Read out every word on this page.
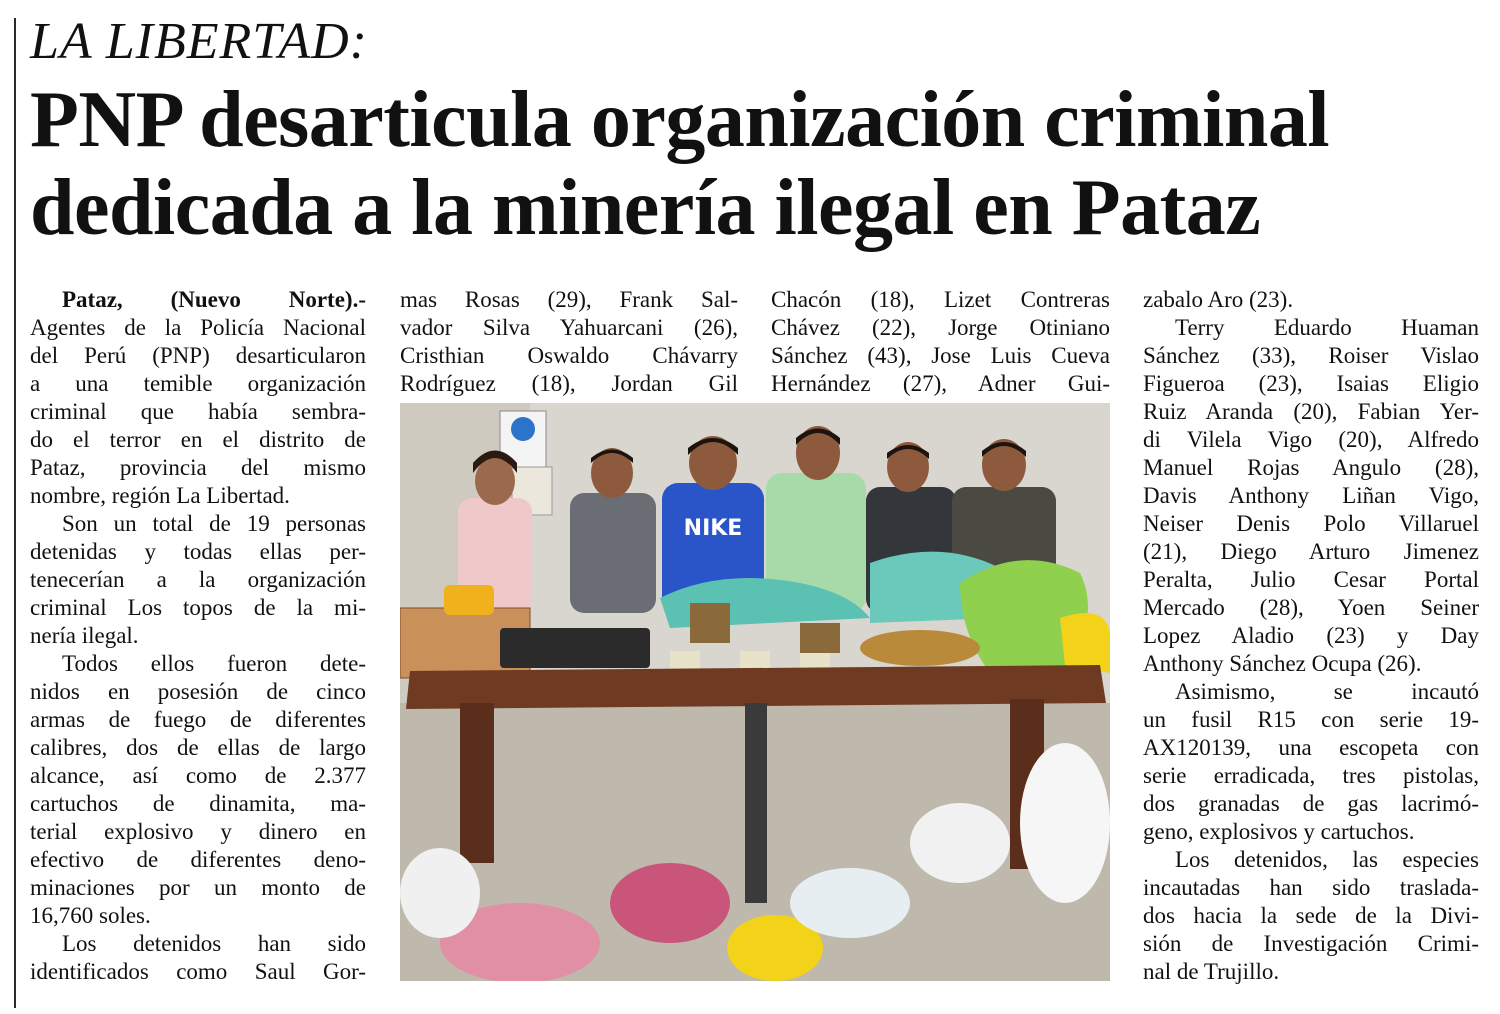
LA LIBERTAD:
PNP desarticula organización criminal
dedicada a la minería ilegal en Pataz
Pataz, (Nuevo Norte).-
Agentes de la Policía Nacional
del Perú (PNP) desarticularon
a una temible organización
criminal que había sembra-
do el terror en el distrito de
Pataz, provincia del mismo
nombre, región La Libertad.
Son un total de 19 personas
detenidas y todas ellas per-
tenecerían a la organización
criminal Los topos de la mi-
nería ilegal.
Todos ellos fueron dete-
nidos en posesión de cinco
armas de fuego de diferentes
calibres, dos de ellas de largo
alcance, así como de 2.377
cartuchos de dinamita, ma-
terial explosivo y dinero en
efectivo de diferentes deno-
minaciones por un monto de
16,760 soles.
Los detenidos han sido
identificados como Saul Gor-
mas Rosas (29), Frank Sal-
vador Silva Yahuarcani (26),
Cristhian Oswaldo Chávarry
Rodríguez (18), Jordan Gil
Chacón (18), Lizet Contreras
Chávez (22), Jorge Otiniano
Sánchez (43), Jose Luis Cueva
Hernández (27), Adner Gui-
zabalo Aro (23).
Terry Eduardo Huaman
Sánchez (33), Roiser Vislao
Figueroa (23), Isaias Eligio
Ruiz Aranda (20), Fabian Yer-
di Vilela Vigo (20), Alfredo
Manuel Rojas Angulo (28),
Davis Anthony Liñan Vigo,
Neiser Denis Polo Villaruel
(21), Diego Arturo Jimenez
Peralta, Julio Cesar Portal
Mercado (28), Yoen Seiner
Lopez Aladio (23) y Day
Anthony Sánchez Ocupa (26).
Asimismo, se incautó
un fusil R15 con serie 19-
AX120139, una escopeta con
serie erradicada, tres pistolas,
dos granadas de gas lacrimó-
geno, explosivos y cartuchos.
Los detenidos, las especies
incautadas han sido traslada-
dos hacia la sede de la Divi-
sión de Investigación Crimi-
nal de Trujillo.
NIKE
